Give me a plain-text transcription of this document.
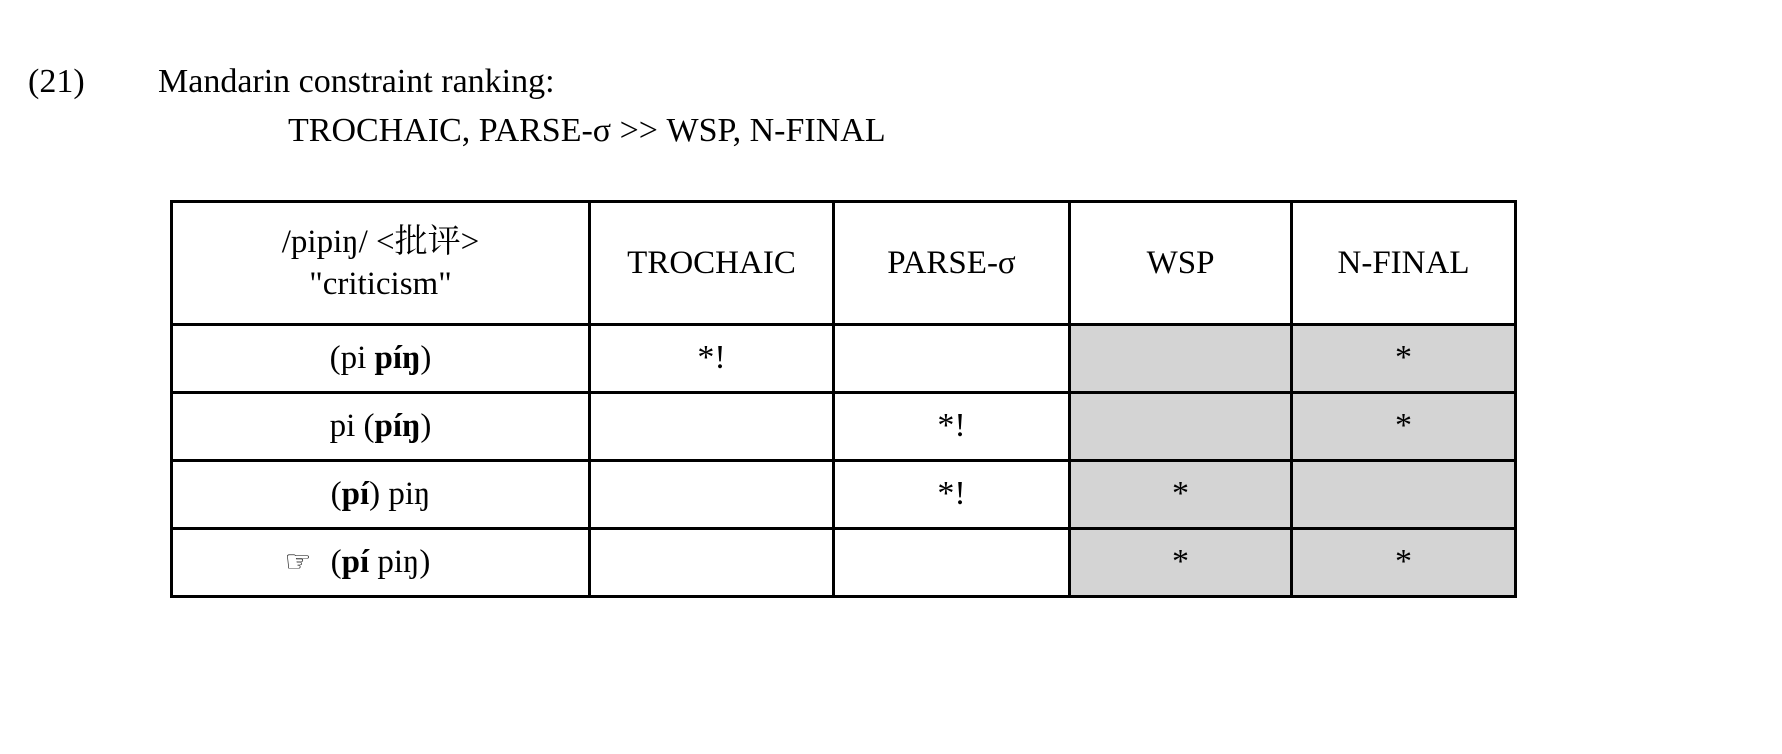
(21)	Mandarin constraint ranking:
TROCHAIC, PARSE-σ >> WSP, N-FINAL
/pipiŋ/ <批评>
"criticism"	TROCHAIC	PARSE-σ	WSP	N-FINAL
(pi píŋ)	*!			*
pi (píŋ)		*!		*
(pí) piŋ		*!	*	

☞ (pí piŋ)			*	*
